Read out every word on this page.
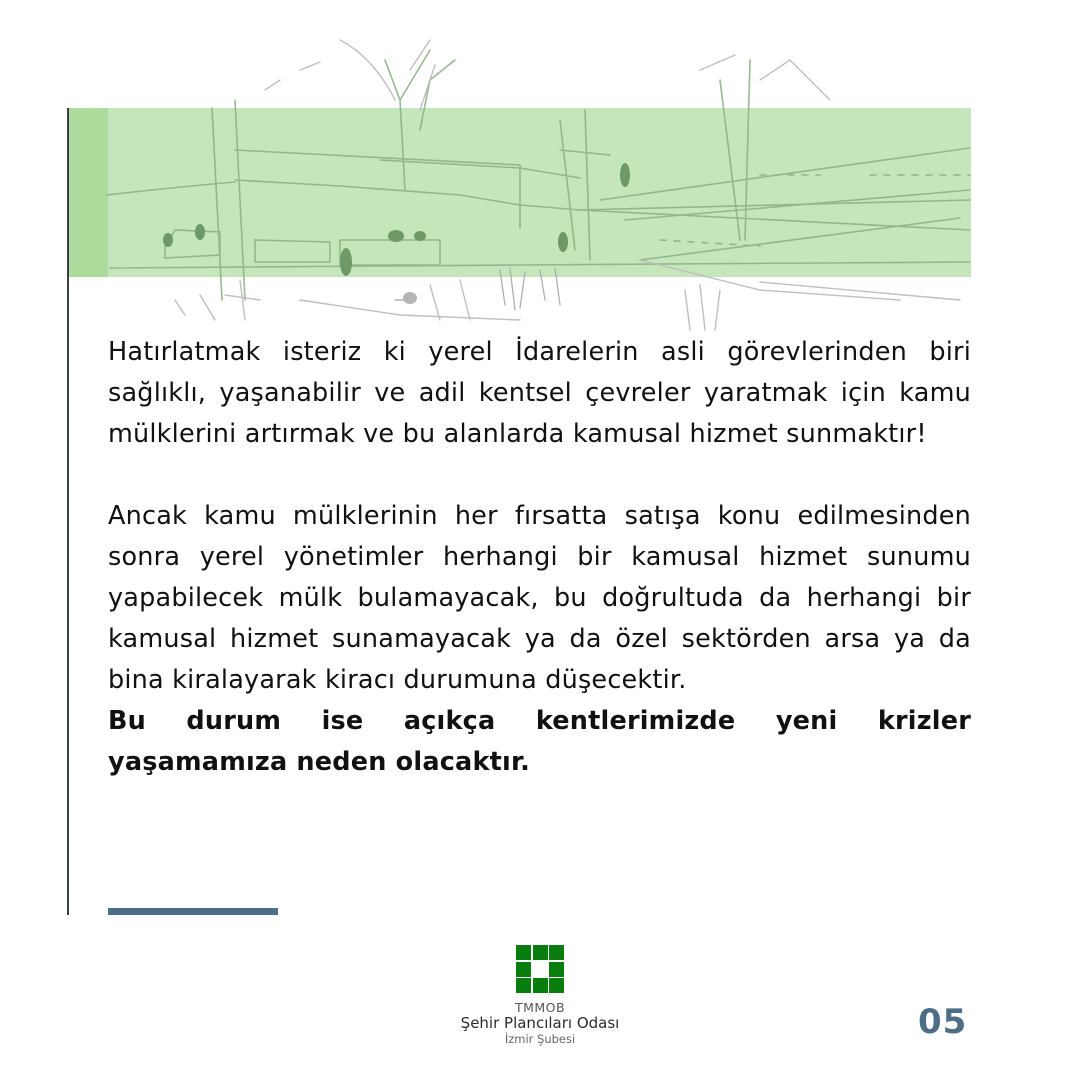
Hatırlatmak isteriz ki yerel İdarelerin asli görevlerinden biri sağlıklı, yaşanabilir ve adil kentsel çevreler yaratmak için kamu mülklerini artırmak ve bu alanlarda kamusal hizmet sunmaktır!

Ancak kamu mülklerinin her fırsatta satışa konu edilmesinden sonra yerel yönetimler herhangi bir kamusal hizmet sunumu yapabilecek mülk bulamayacak, bu doğrultuda da herhangi bir kamusal hizmet sunamayacak ya da özel sektörden arsa ya da bina kiralayarak kiracı durumuna düşecektir.

Bu durum ise açıkça kentlerimizde yeni krizler yaşamamıza neden olacaktır.

TMMOB
Şehir Plancıları Odası
İzmir Şubesi	05
